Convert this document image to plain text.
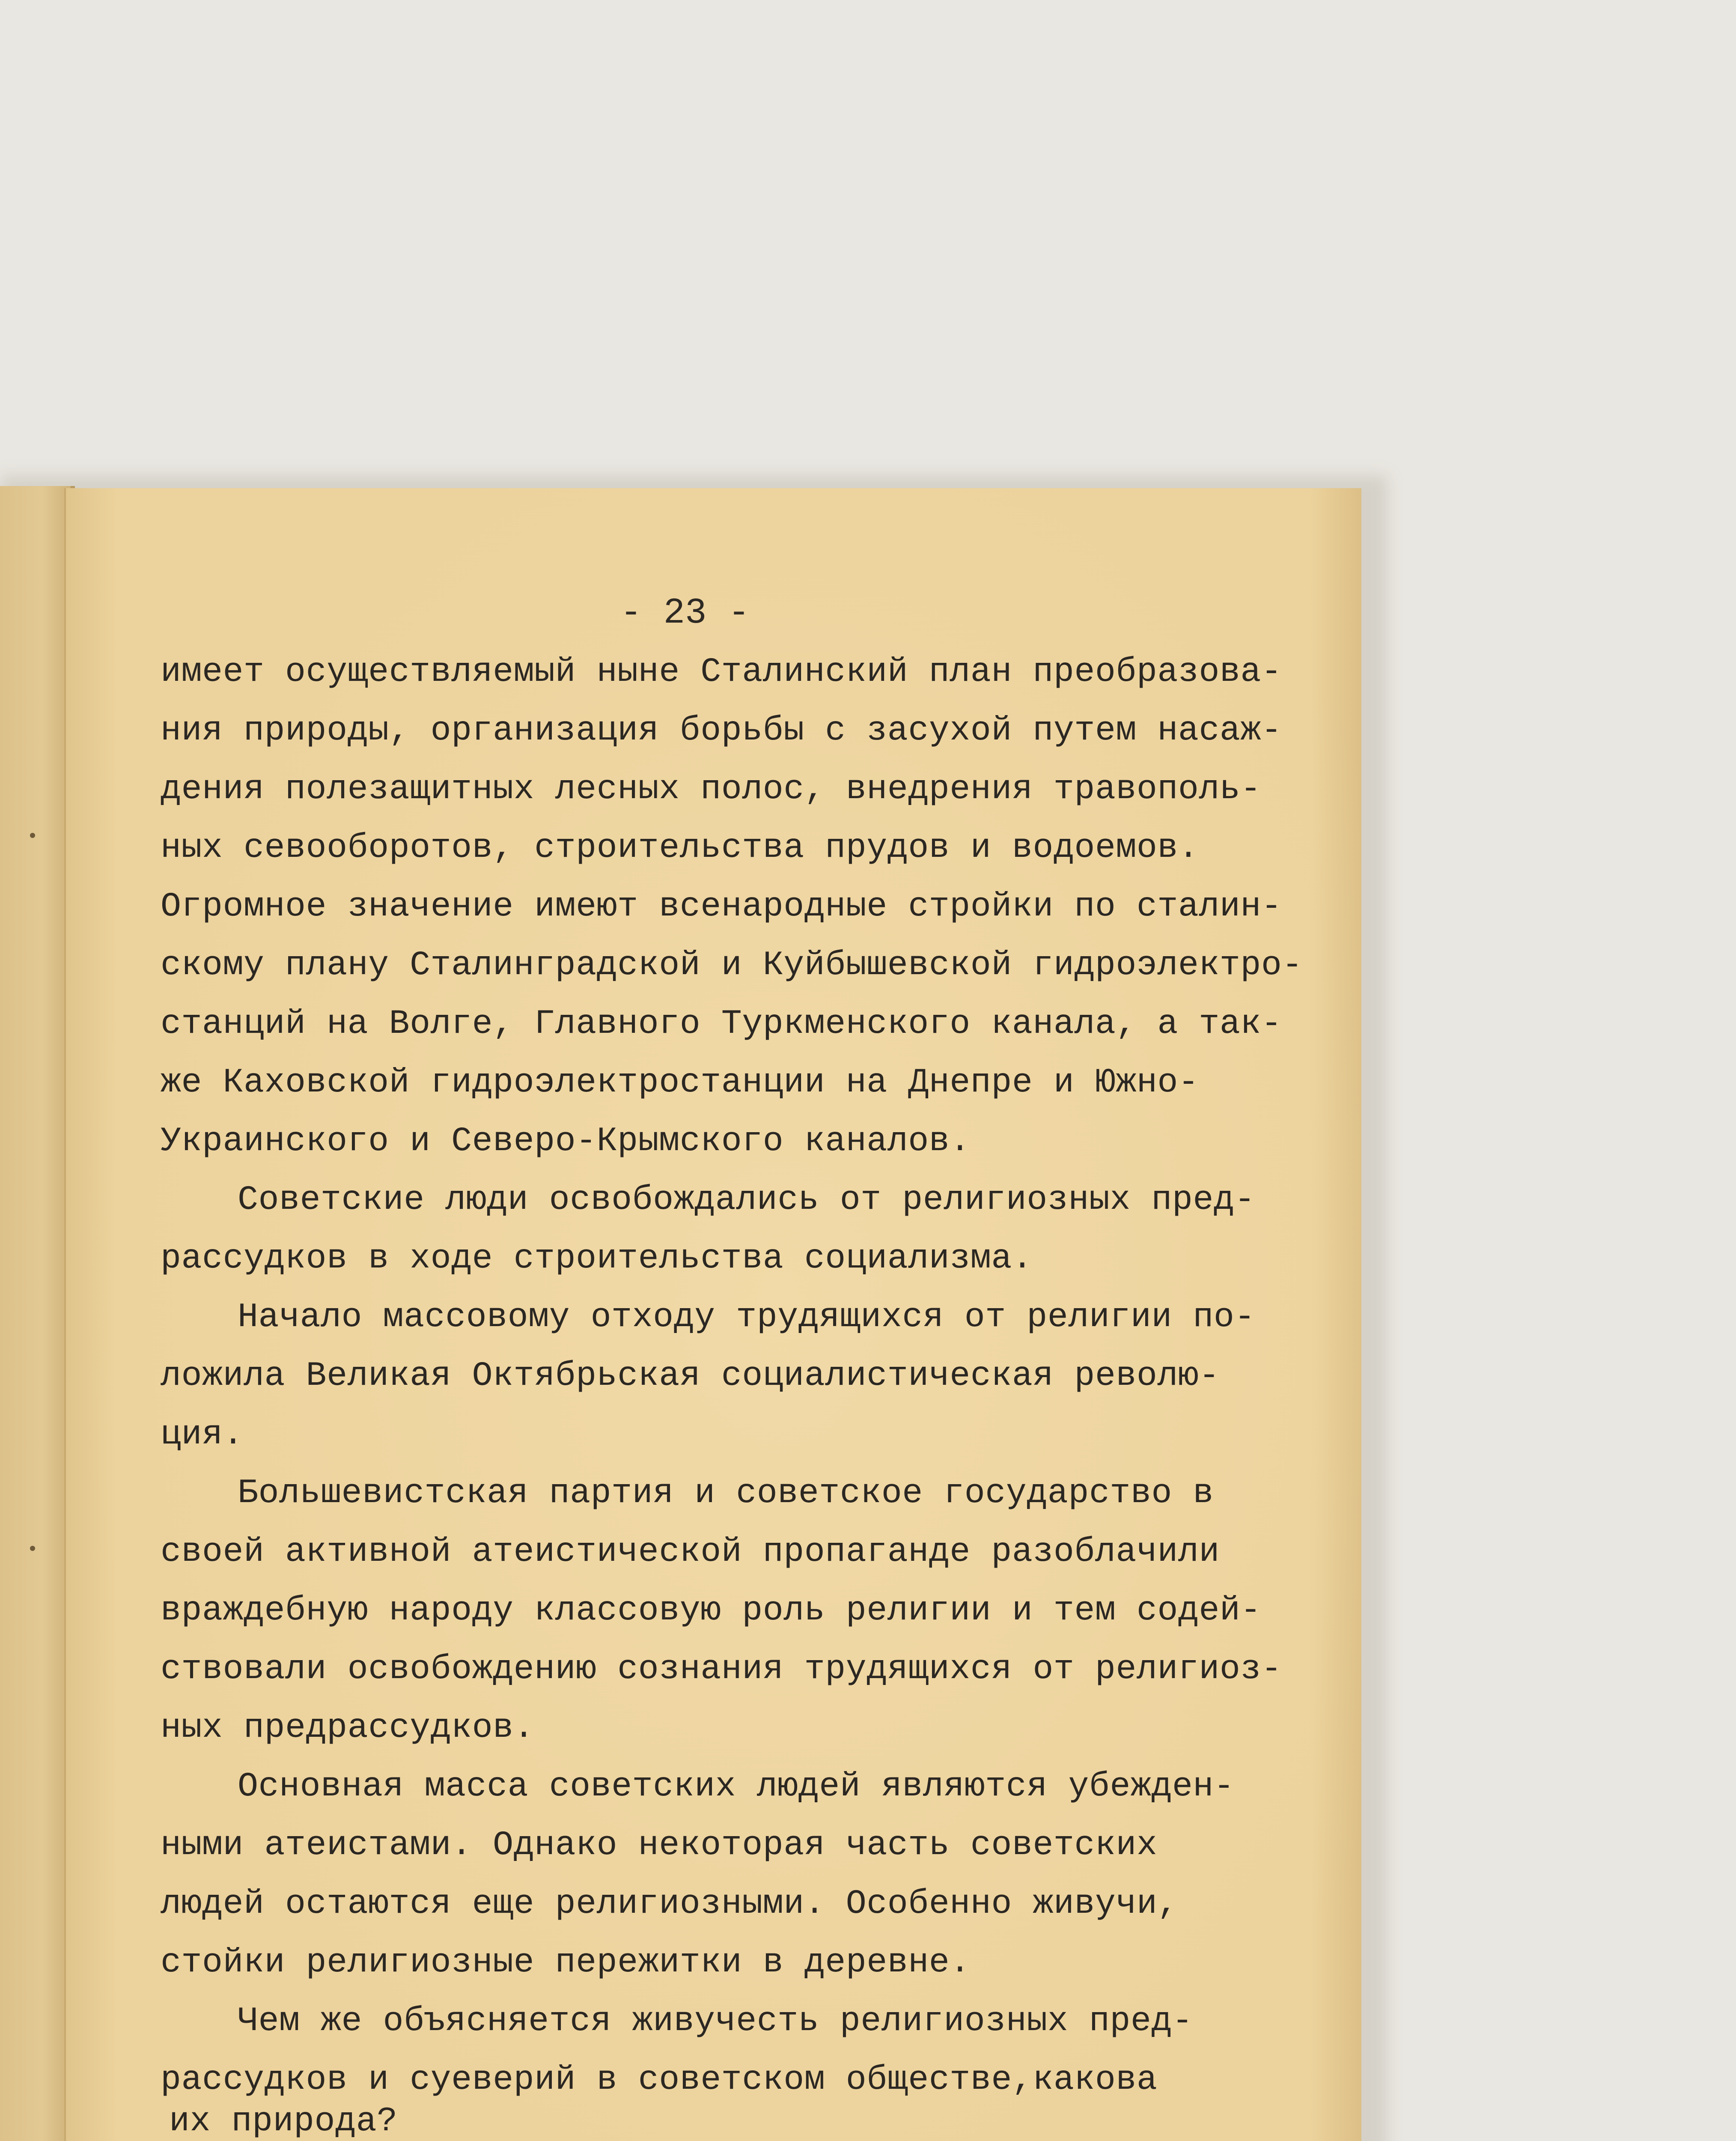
- 23 -
имеет осуществляемый ныне Сталинский план преобразова-
ния природы, организация борьбы с засухой путем насаж-
дения полезащитных лесных полос, внедрения травополь-
ных севооборотов, строительства прудов и водоемов.
Огромное значение имеют всенародные стройки по сталин-
скому плану Сталинградской и Куйбышевской гидроэлектро-
станций на Волге, Главного Туркменского канала, а так-
же Каховской гидроэлектростанции на Днепре и Южно-
Украинского и Северо-Крымского каналов.
Советские люди освобождались от религиозных пред-
рассудков в ходе строительства социализма.
Начало массовому отходу трудящихся от религии по-
ложила Великая Октябрьская социалистическая револю-
ция.
Большевистская партия и советское государство в
своей активной атеистической пропаганде разоблачили
враждебную народу классовую роль религии и тем содей-
ствовали освобождению сознания трудящихся от религиоз-
ных предрассудков.
Основная масса советских людей являются убежден-
ными атеистами. Однако некоторая часть советских
людей остаются еще религиозными. Особенно живучи,
стойки религиозные пережитки в деревне.
Чем же объясняется живучесть религиозных пред-
рассудков и суеверий в советском обществе,какова
их природа?
